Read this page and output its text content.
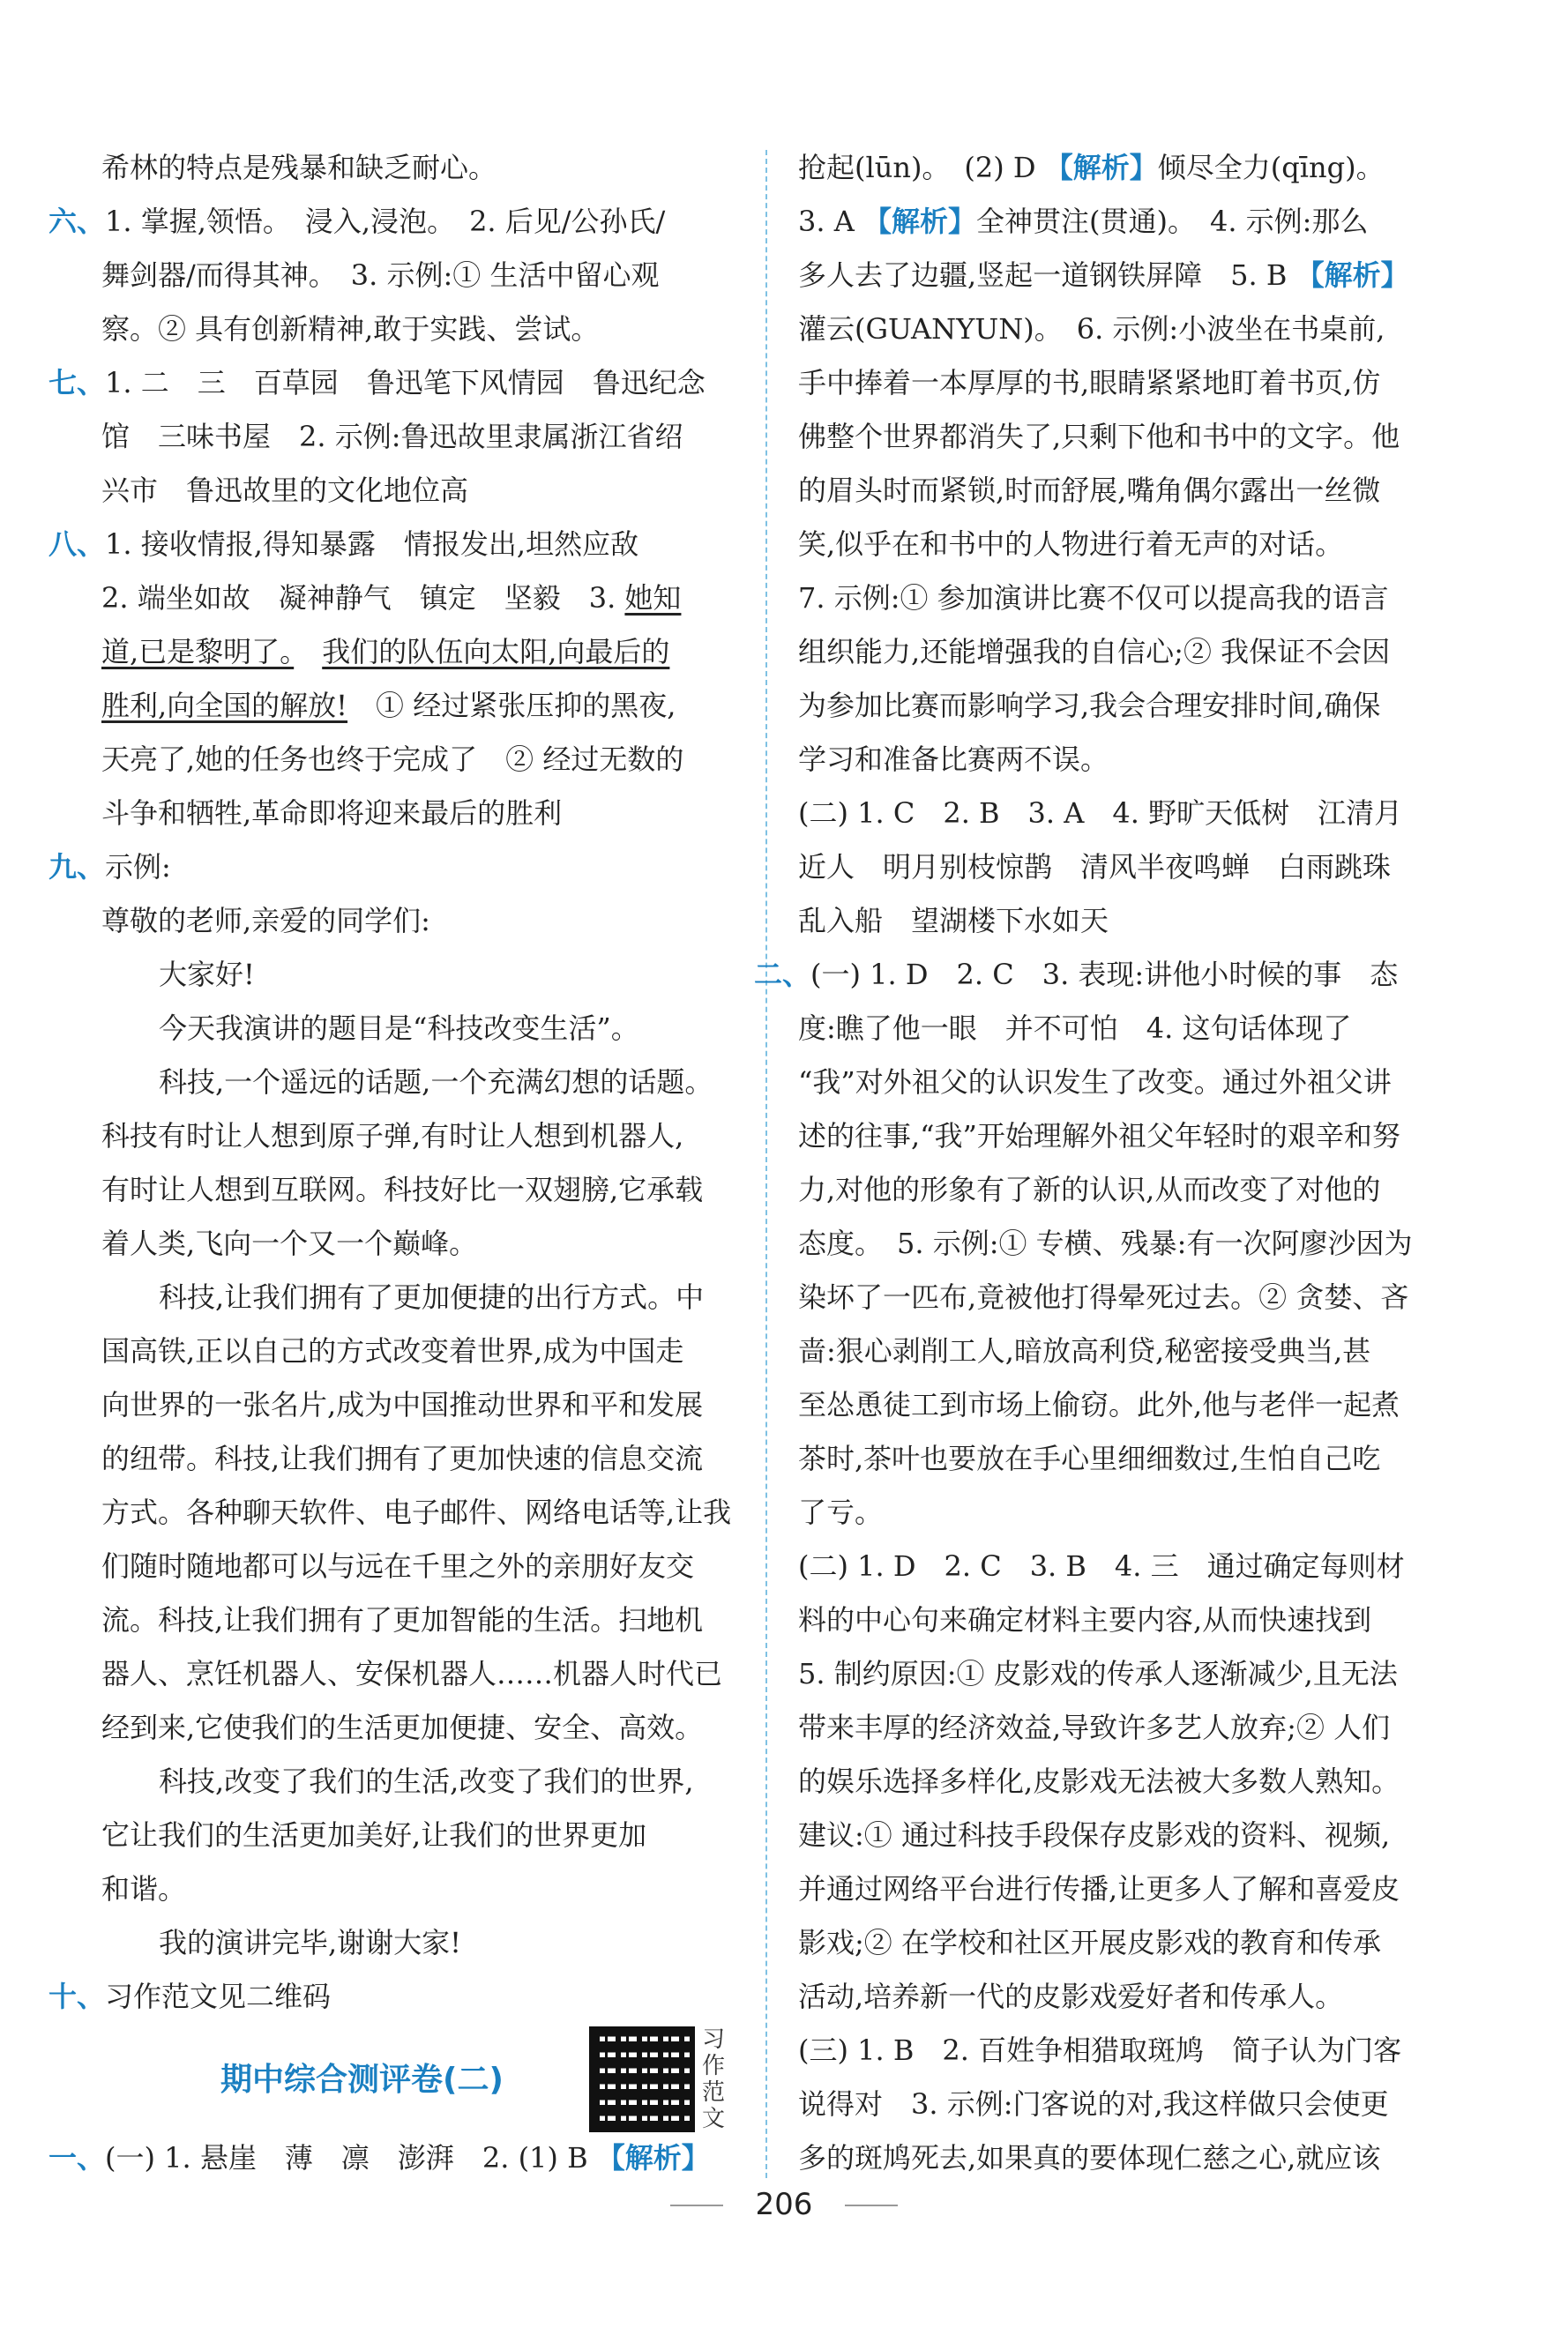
希林的特点是残暴和缺乏耐心。
六、1. 掌握,领悟。　浸入,浸泡。　2. 后见/公孙氏/
舞剑器/而得其神。　3. 示例:① 生活中留心观
察。② 具有创新精神,敢于实践、尝试。
七、1. 二　三　百草园　鲁迅笔下风情园　鲁迅纪念
馆　三味书屋　2. 示例:鲁迅故里隶属浙江省绍
兴市　鲁迅故里的文化地位高
八、1. 接收情报,得知暴露　情报发出,坦然应敌
2. 端坐如故　凝神静气　镇定　坚毅　3. 她知
道,已是黎明了。　 我们的队伍向太阳,向最后的
胜利,向全国的解放!　① 经过紧张压抑的黑夜,
天亮了,她的任务也终于完成了　② 经过无数的
斗争和牺牲,革命即将迎来最后的胜利
九、示例:
尊敬的老师,亲爱的同学们:
大家好!
今天我演讲的题目是“科技改变生活”。
科技,一个遥远的话题,一个充满幻想的话题。
科技有时让人想到原子弹,有时让人想到机器人,
有时让人想到互联网。科技好比一双翅膀,它承载
着人类,飞向一个又一个巅峰。
科技,让我们拥有了更加便捷的出行方式。中
国高铁,正以自己的方式改变着世界,成为中国走
向世界的一张名片,成为中国推动世界和平和发展
的纽带。科技,让我们拥有了更加快速的信息交流
方式。各种聊天软件、电子邮件、网络电话等,让我
们随时随地都可以与远在千里之外的亲朋好友交
流。科技,让我们拥有了更加智能的生活。扫地机
器人、烹饪机器人、安保机器人……机器人时代已
经到来,它使我们的生活更加便捷、安全、高效。
科技,改变了我们的生活,改变了我们的世界,
它让我们的生活更加美好,让我们的世界更加
和谐。
我的演讲完毕,谢谢大家!
十、习作范文见二维码
一、(一) 1. 悬崖　薄　凛　澎湃　2. (1) B 【解析】
期中综合测评卷(二)
习作范文
抢起(lūn)。　(2) D 【解析】倾尽全力(qīng)。
3. A 【解析】全神贯注(贯通)。　4. 示例:那么
多人去了边疆,竖起一道钢铁屏障　5. B 【解析】
灌云(GUANYUN)。　6. 示例:小波坐在书桌前,
手中捧着一本厚厚的书,眼睛紧紧地盯着书页,仿
佛整个世界都消失了,只剩下他和书中的文字。他
的眉头时而紧锁,时而舒展,嘴角偶尔露出一丝微
笑,似乎在和书中的人物进行着无声的对话。
7. 示例:① 参加演讲比赛不仅可以提高我的语言
组织能力,还能增强我的自信心;② 我保证不会因
为参加比赛而影响学习,我会合理安排时间,确保
学习和准备比赛两不误。
(二) 1. C　2. B　3. A　4. 野旷天低树　江清月
近人　明月别枝惊鹊　清风半夜鸣蝉　白雨跳珠
乱入船　望湖楼下水如天
二、(一) 1. D　2. C　3. 表现:讲他小时候的事　态
度:瞧了他一眼　并不可怕　4. 这句话体现了
“我”对外祖父的认识发生了改变。通过外祖父讲
述的往事,“我”开始理解外祖父年轻时的艰辛和努
力,对他的形象有了新的认识,从而改变了对他的
态度。　5. 示例:① 专横、残暴:有一次阿廖沙因为
染坏了一匹布,竟被他打得晕死过去。② 贪婪、吝
啬:狠心剥削工人,暗放高利贷,秘密接受典当,甚
至怂恿徒工到市场上偷窃。此外,他与老伴一起煮
茶时,茶叶也要放在手心里细细数过,生怕自己吃
了亏。
(二) 1. D　2. C　3. B　4. 三　通过确定每则材
料的中心句来确定材料主要内容,从而快速找到
5. 制约原因:① 皮影戏的传承人逐渐减少,且无法
带来丰厚的经济效益,导致许多艺人放弃;② 人们
的娱乐选择多样化,皮影戏无法被大多数人熟知。
建议:① 通过科技手段保存皮影戏的资料、视频,
并通过网络平台进行传播,让更多人了解和喜爱皮
影戏;② 在学校和社区开展皮影戏的教育和传承
活动,培养新一代的皮影戏爱好者和传承人。
(三) 1. B　2. 百姓争相猎取斑鸠　简子认为门客
说得对　3. 示例:门客说的对,我这样做只会使更
多的斑鸠死去,如果真的要体现仁慈之心,就应该
206
